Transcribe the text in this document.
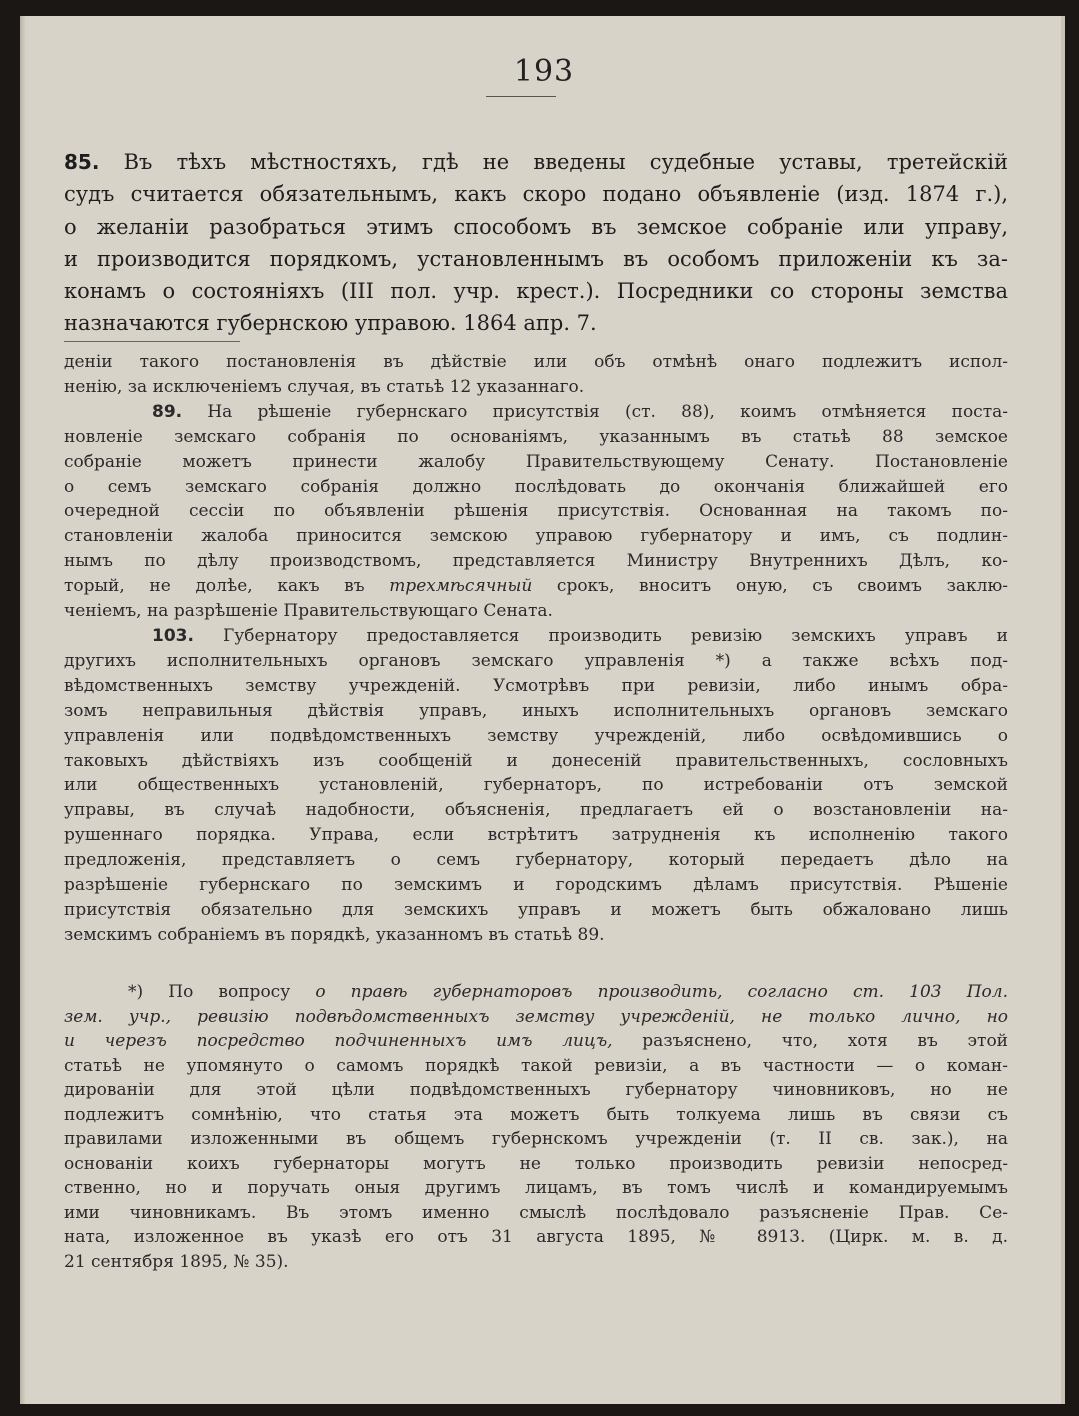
193
85. Въ тѣхъ мѣстностяхъ, гдѣ не введены судебные уставы, третейскій
судъ считается обязательнымъ, какъ скоро подано объявленіе (изд. 1874 г.),
о желаніи разобраться этимъ способомъ въ земское собраніе или управу,
и производится порядкомъ, установленнымъ въ особомъ приложеніи къ за-
конамъ о состояніяхъ (III пол. учр. крест.). Посредники со стороны земства
назначаются губернскою управою. 1864 апр. 7.
деніи такого постановленія въ дѣйствіе или объ отмѣнѣ онаго подлежитъ испол-
ненію, за исключеніемъ случая, въ статьѣ 12 указаннаго.
89. На рѣшеніе губернскаго присутствія (ст. 88), коимъ отмѣняется поста-
новленіе земскаго собранія по основаніямъ, указаннымъ въ статьѣ 88 земское
собраніе можетъ принести жалобу Правительствующему Сенату. Постановленіе
о семъ земскаго собранія должно послѣдовать до окончанія ближайшей его
очередной сессіи по объявленіи рѣшенія присутствія. Основанная на такомъ по-
становленіи жалоба приносится земскою управою губернатору и имъ, съ подлин-
нымъ по дѣлу производствомъ, представляется Министру Внутреннихъ Дѣлъ, ко-
торый, не долѣе, какъ въ трехмѣсячный срокъ, вноситъ оную, съ своимъ заклю-
ченіемъ, на разрѣшеніе Правительствующаго Сената.
103. Губернатору предоставляется производить ревизію земскихъ управъ и
другихъ исполнительныхъ органовъ земскаго управленія *) а также всѣхъ под-
вѣдомственныхъ земству учрежденій. Усмотрѣвъ при ревизіи, либо инымъ обра-
зомъ неправильныя дѣйствія управъ, иныхъ исполнительныхъ органовъ земскаго
управленія или подвѣдомственныхъ земству учрежденій, либо освѣдомившись о
таковыхъ дѣйствіяхъ изъ сообщеній и донесеній правительственныхъ, сословныхъ
или общественныхъ установленій, губернаторъ, по истребованіи отъ земской
управы, въ случаѣ надобности, объясненія, предлагаетъ ей о возстановленіи на-
рушеннаго порядка. Управа, если встрѣтитъ затрудненія къ исполненію такого
предложенія, представляетъ о семъ губернатору, который передаетъ дѣло на
разрѣшеніе губернскаго по земскимъ и городскимъ дѣламъ присутствія. Рѣшеніе
присутствія обязательно для земскихъ управъ и можетъ быть обжаловано лишь
земскимъ собраніемъ въ порядкѣ, указанномъ въ статьѣ 89.
*) По вопросу о правѣ губернаторовъ производить, согласно ст. 103 Пол.
зем. учр., ревизію подвѣдомственныхъ земству учрежденій, не только лично, но
и черезъ посредство подчиненныхъ имъ лицъ, разъяснено, что, хотя въ этой
статьѣ не упомянуто о самомъ порядкѣ такой ревизіи, а въ частности — о коман-
дированіи для этой цѣли подвѣдомственныхъ губернатору чиновниковъ, но не
подлежитъ сомнѣнію, что статья эта можетъ быть толкуема лишь въ связи съ
правилами изложенными въ общемъ губернскомъ учрежденіи (т. II св. зак.), на
основаніи коихъ губернаторы могутъ не только производить ревизіи непосред-
ственно, но и поручать оныя другимъ лицамъ, въ томъ числѣ и командируемымъ
ими чиновникамъ. Въ этомъ именно смыслѣ послѣдовало разъясненіе Прав. Се-
ната, изложенное въ указѣ его отъ 31 августа 1895, № 8913. (Цирк. м. в. д.
21 сентября 1895, № 35).
